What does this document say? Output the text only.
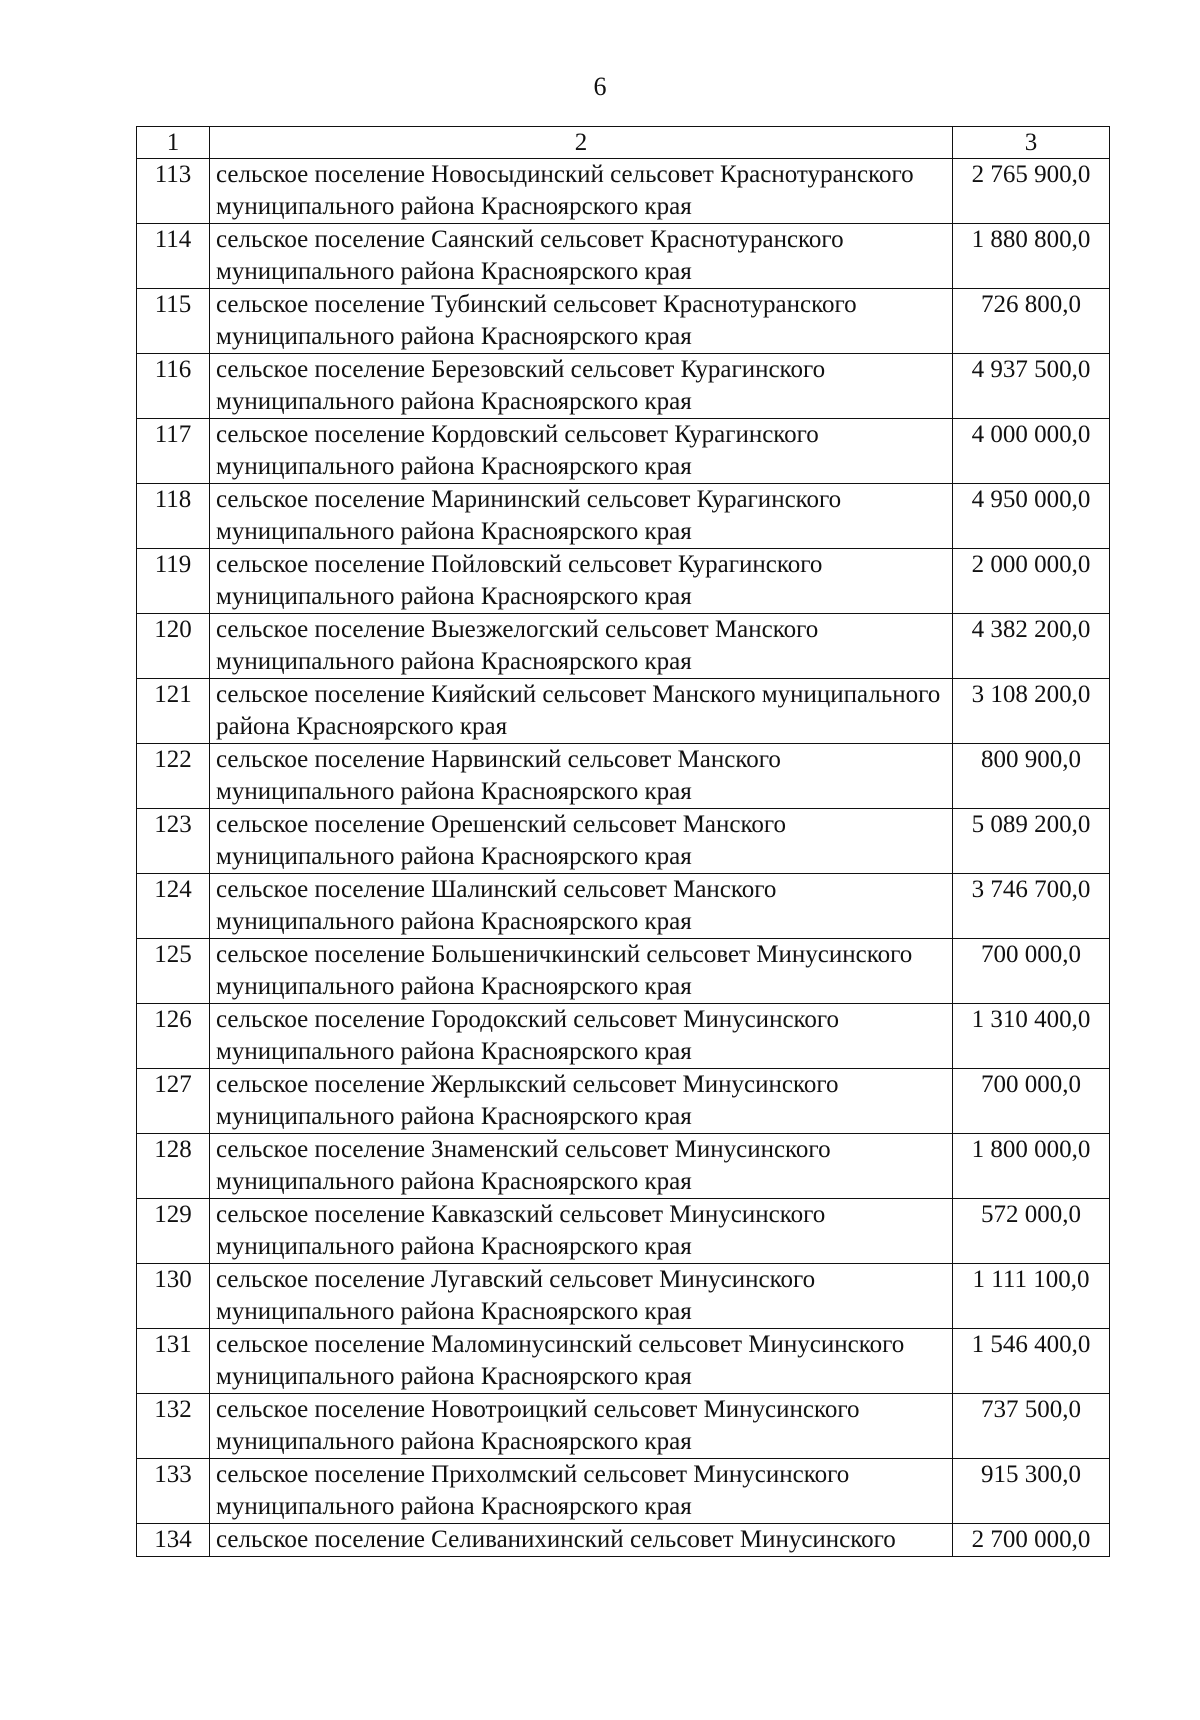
6
1	2	3
113	сельское поселение Новосыдинский сельсовет Краснотуранского муниципального района Красноярского края	2 765 900,0
114	сельское поселение Саянский сельсовет Краснотуранского муниципального района Красноярского края	1 880 800,0
115	сельское поселение Тубинский сельсовет Краснотуранского муниципального района Красноярского края	726 800,0
116	сельское поселение Березовский сельсовет Курагинского муниципального района Красноярского края	4 937 500,0
117	сельское поселение Кордовский сельсовет Курагинского муниципального района Красноярского края	4 000 000,0
118	сельское поселение Марининский сельсовет Курагинского муниципального района Красноярского края	4 950 000,0
119	сельское поселение Пойловский сельсовет Курагинского муниципального района Красноярского края	2 000 000,0
120	сельское поселение Выезжелогский сельсовет Манского муниципального района Красноярского края	4 382 200,0
121	сельское поселение Кияйский сельсовет Манского муниципального района Красноярского края	3 108 200,0
122	сельское поселение Нарвинский сельсовет Манского муниципального района Красноярского края	800 900,0
123	сельское поселение Орешенский сельсовет Манского муниципального района Красноярского края	5 089 200,0
124	сельское поселение Шалинский сельсовет Манского муниципального района Красноярского края	3 746 700,0
125	сельское поселение Большеничкинский сельсовет Минусинского муниципального района Красноярского края	700 000,0
126	сельское поселение Городокский сельсовет Минусинского муниципального района Красноярского края	1 310 400,0
127	сельское поселение Жерлыкский сельсовет Минусинского муниципального района Красноярского края	700 000,0
128	сельское поселение Знаменский сельсовет Минусинского муниципального района Красноярского края	1 800 000,0
129	сельское поселение Кавказский сельсовет Минусинского муниципального района Красноярского края	572 000,0
130	сельское поселение Лугавский сельсовет Минусинского муниципального района Красноярского края	1 111 100,0
131	сельское поселение Маломинусинский сельсовет Минусинского муниципального района Красноярского края	1 546 400,0
132	сельское поселение Новотроицкий сельсовет Минусинского муниципального района Красноярского края	737 500,0
133	сельское поселение Прихолмский сельсовет Минусинского муниципального района Красноярского края	915 300,0
134	сельское поселение Селиванихинский сельсовет Минусинского	2 700 000,0
